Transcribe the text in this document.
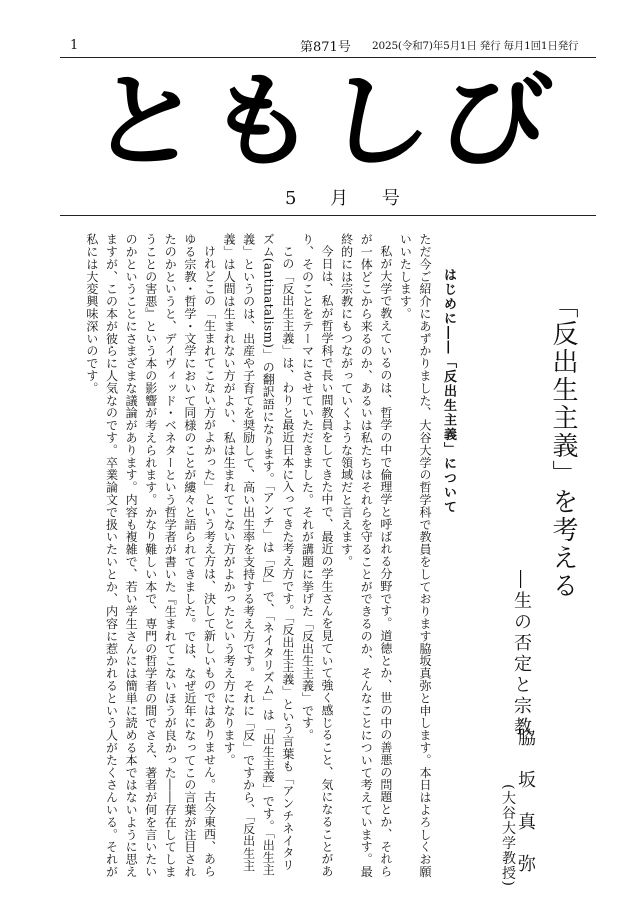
1	第871号 2025(令和7)年5月1日 発行 毎月1回1日発行
ともしび
5 月 号
「反出生主義」を考える
―生の否定と宗教
脇坂真弥
(大谷大学教授)
はじめに――「反出生主義」について

ただ今ご紹介にあずかりました、大谷大学の哲学科で教員をしております脇坂真弥と申します。本日はよろしくお願いいたします。

私が大学で教えているのは、哲学の中で倫理学と呼ばれる分野です。道徳とか、世の中の善悪の問題とか、それらが一体どこから来るのか、あるいは私たちはそれらを守ることができるのか、そんなことについて考えています。最終的には宗教にもつながっていくような領域だと言えます。

今日は、私が哲学科で長い間教員をしてきた中で、最近の学生さんを見ていて強く感じること、気になることがあり、そのことをテーマにさせていただきました。それが講題に挙げた「反出生主義」です。

この「反出生主義」は、わりと最近日本に入ってきた考え方です。「反出生主義」という言葉も「アンチネイタリズム(antinatalism)」の翻訳語になります。「アンチ」は「反」で、「ネイタリズム」は「出生主義」です。「出生主義」というのは、出産や子育てを奨励して、高い出生率を支持する考え方です。それに「反」ですから、「反出生主義」は人間は生まれない方がよい、私は生まれてこない方がよかったという考え方になります。

けれどこの「生まれてこない方がよかった」という考え方は、決して新しいものではありません。古今東西、あらゆる宗教・哲学・文学において同様のことが縷々と語られてきました。では、なぜ近年になってこの言葉が注目されたのかというと、デイヴィッド・ベネターという哲学者が書いた『生まれてこないほうが良かった――存在してしまうことの害悪』という本の影響が考えられます。かなり難しい本で、専門の哲学者の間でさえ、著者が何を言いたいのかということにさまざまな議論があります。内容も複雑で、若い学生さんには簡単に読める本ではないように思えますが、この本が彼らに人気なのです。卒業論文で扱いたいとか、内容に惹かれるという人がたくさんいる。それが私には大変興味深いのです。
